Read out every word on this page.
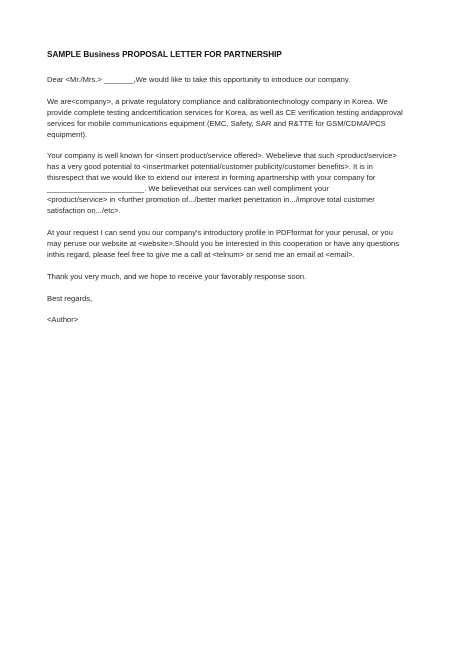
SAMPLE Business PROPOSAL LETTER FOR PARTNERSHIP
Dear <Mr./Mrs.> _______,We would like to take this opportunity to introduce our company.
We are<company>, a private regulatory compliance and calibrationtechnology company in Korea. We
provide complete testing andcertification services for Korea, as well as CE verification testing andapproval
services for mobile communications equipment (EMC, Safety, SAR and R&TTE for GSM/CDMA/PCS
equipment).
Your company is well known for <insert product/service offered>. Webelieve that such <product/service>
has a very good potential to <insertmarket potential/customer publicity/customer benefits>. It is in
thisrespect that we would like to extend our interest in forming apartnership with your company for
_______________________. We believethat our services can well compliment your
<product/service> in <further promotion of.../better market penetration in.../improve total customer
satisfaction on.../etc>.
At your request I can send you our company's introductory profile in PDFformat for your perusal, or you
may peruse our website at <website>.Should you be interested in this cooperation or have any questions
inthis regard, please feel free to give me a call at <telnum> or send me an email at <email>.
Thank you very much, and we hope to receive your favorably response soon.
Best regards,
<Author>
